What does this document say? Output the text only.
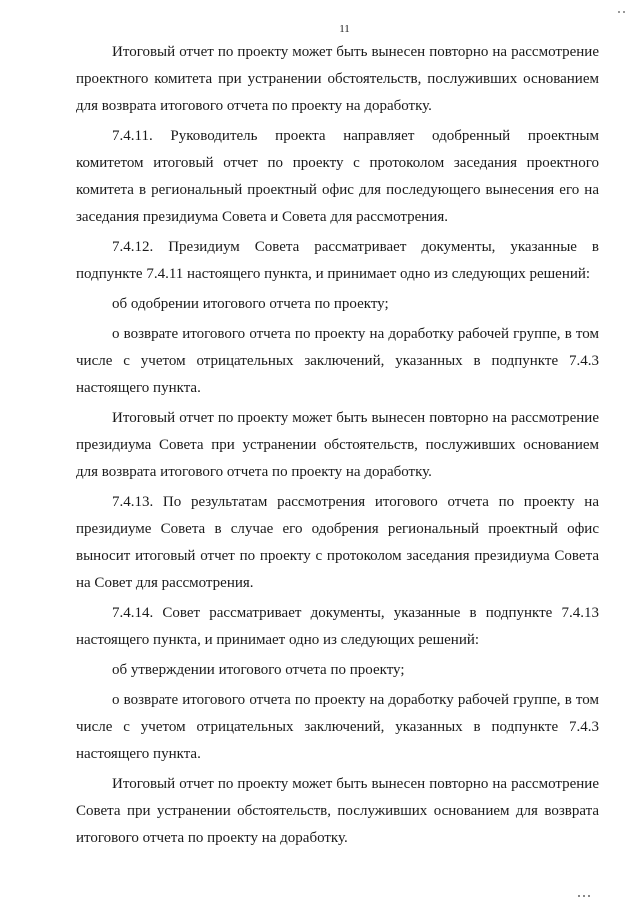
11

Итоговый отчет по проекту может быть вынесен повторно на рассмотрение проектного комитета при устранении обстоятельств, послуживших основанием для возврата итогового отчета по проекту на доработку.

7.4.11. Руководитель проекта направляет одобренный проектным комитетом итоговый отчет по проекту с протоколом заседания проектного комитета в региональный проектный офис для последующего вынесения его на заседания президиума Совета и Совета для рассмотрения.

7.4.12. Президиум Совета рассматривает документы, указанные в подпункте 7.4.11 настоящего пункта, и принимает одно из следующих решений:

об одобрении итогового отчета по проекту;

о возврате итогового отчета по проекту на доработку рабочей группе, в том числе с учетом отрицательных заключений, указанных в подпункте 7.4.3 настоящего пункта.

Итоговый отчет по проекту может быть вынесен повторно на рассмотрение президиума Совета при устранении обстоятельств, послуживших основанием для возврата итогового отчета по проекту на доработку.

7.4.13. По результатам рассмотрения итогового отчета по проекту на президиуме Совета в случае его одобрения региональный проектный офис выносит итоговый отчет по проекту с протоколом заседания президиума Совета на Совет для рассмотрения.

7.4.14. Совет рассматривает документы, указанные в подпункте 7.4.13 настоящего пункта, и принимает одно из следующих решений:

об утверждении итогового отчета по проекту;

о возврате итогового отчета по проекту на доработку рабочей группе, в том числе с учетом отрицательных заключений, указанных в подпункте 7.4.3 настоящего пункта.

Итоговый отчет по проекту может быть вынесен повторно на рассмотрение Совета при устранении обстоятельств, послуживших основанием для возврата итогового отчета по проекту на доработку.
